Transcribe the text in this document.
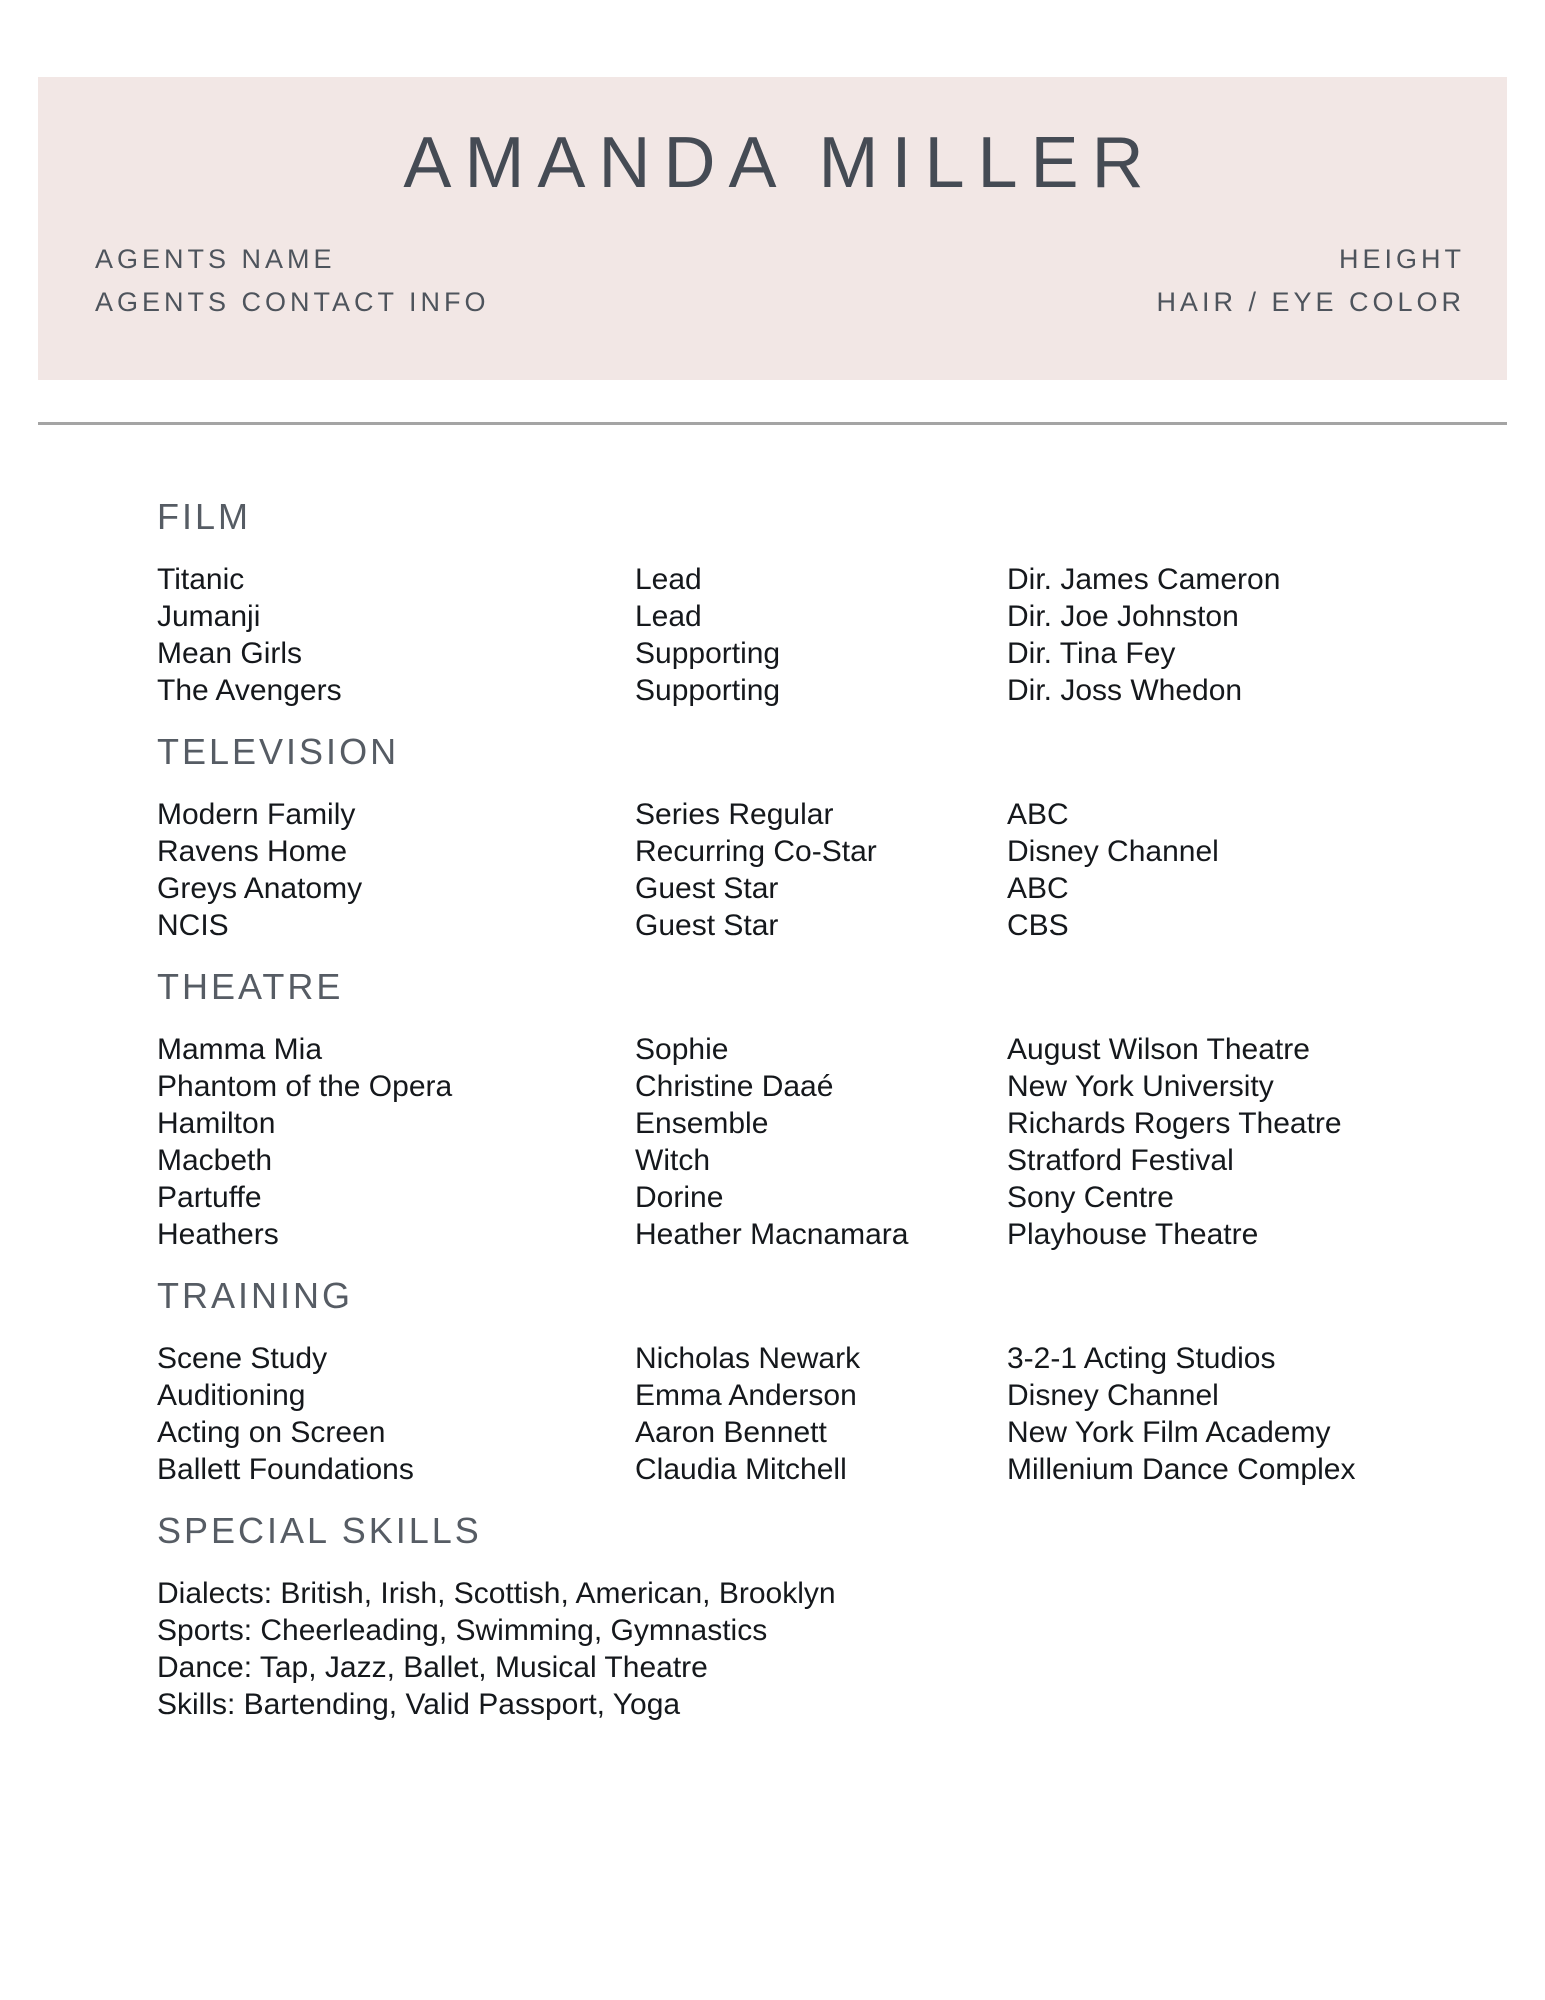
AMANDA MILLER
AGENTS NAME
AGENTS CONTACT INFO
HEIGHT
HAIR / EYE COLOR
FILM
Titanic	Lead	Dir. James Cameron
Jumanji	Lead	Dir. Joe Johnston
Mean Girls	Supporting	Dir. Tina Fey
The Avengers	Supporting	Dir. Joss Whedon
TELEVISION
Modern Family	Series Regular	ABC
Ravens Home	Recurring Co-Star	Disney Channel
Greys Anatomy	Guest Star	ABC
NCIS	Guest Star	CBS
THEATRE
Mamma Mia	Sophie	August Wilson Theatre
Phantom of the Opera	Christine Daaé	New York University
Hamilton	Ensemble	Richards Rogers Theatre
Macbeth	Witch	Stratford Festival
Partuffe	Dorine	Sony Centre
Heathers	Heather Macnamara	Playhouse Theatre
TRAINING
Scene Study	Nicholas Newark	3-2-1 Acting Studios
Auditioning	Emma Anderson	Disney Channel
Acting on Screen	Aaron Bennett	New York Film Academy
Ballett Foundations	Claudia Mitchell	Millenium Dance Complex
SPECIAL SKILLS
Dialects: British, Irish, Scottish, American, Brooklyn
Sports: Cheerleading, Swimming, Gymnastics
Dance: Tap, Jazz, Ballet, Musical Theatre
Skills: Bartending, Valid Passport, Yoga
